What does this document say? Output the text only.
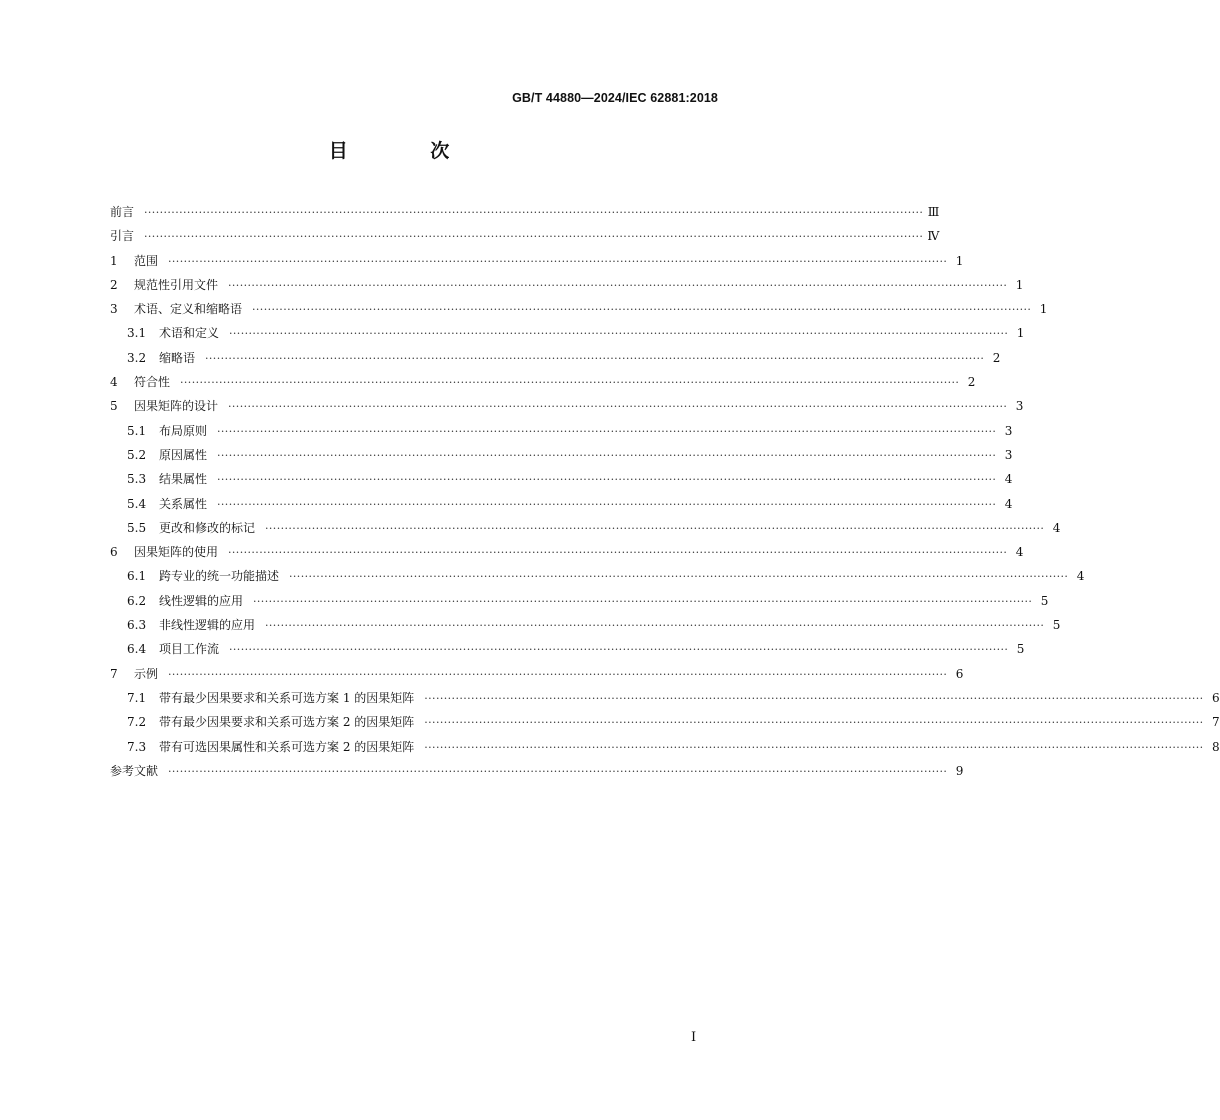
GB/T 44880—2024/IEC 62881:2018
目 次
前言 ········································································································································································································ Ⅲ
引言 ········································································································································································································ Ⅳ
1	范围 ········································································································································································································ 1
2	规范性引用文件 ········································································································································································································ 1
3	术语、定义和缩略语 ········································································································································································································ 1
3.1	术语和定义 ········································································································································································································ 1
3.2	缩略语 ········································································································································································································ 2
4	符合性 ········································································································································································································ 2
5	因果矩阵的设计 ········································································································································································································ 3
5.1	布局原则 ········································································································································································································ 3
5.2	原因属性 ········································································································································································································ 3
5.3	结果属性 ········································································································································································································ 4
5.4	关系属性 ········································································································································································································ 4
5.5	更改和修改的标记 ········································································································································································································ 4
6	因果矩阵的使用 ········································································································································································································ 4
6.1	跨专业的统一功能描述 ········································································································································································································ 4
6.2	线性逻辑的应用 ········································································································································································································ 5
6.3	非线性逻辑的应用 ········································································································································································································ 5
6.4	项目工作流 ········································································································································································································ 5
7	示例 ········································································································································································································ 6
7.1	带有最少因果要求和关系可选方案 1 的因果矩阵 ········································································································································································································ 6
7.2	带有最少因果要求和关系可选方案 2 的因果矩阵 ········································································································································································································ 7
7.3	带有可选因果属性和关系可选方案 2 的因果矩阵 ········································································································································································································ 8
参考文献 ········································································································································································································ 9
Ⅰ
